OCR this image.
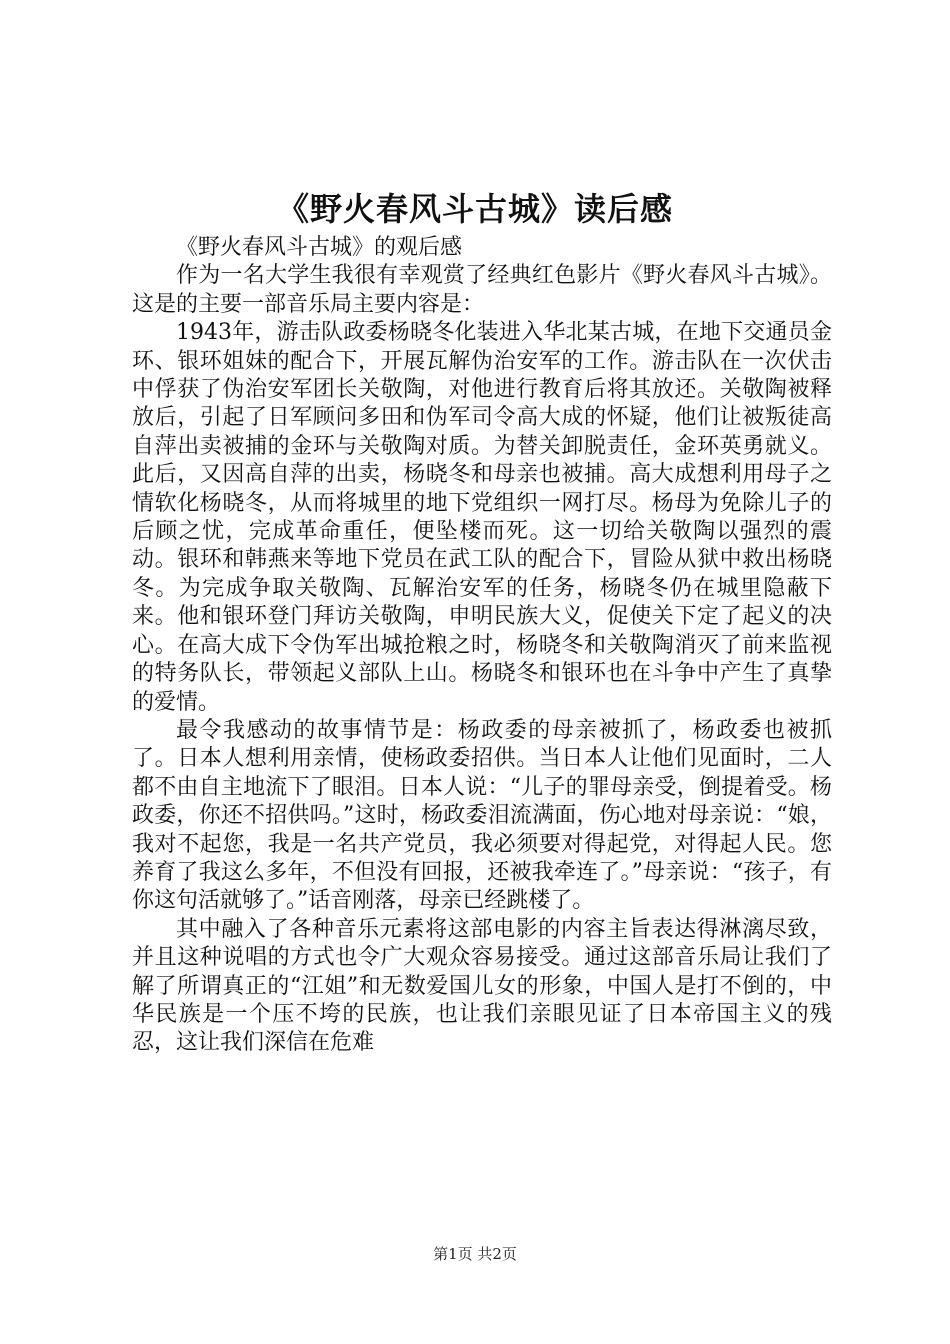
《野火春风斗古城》读后感

《野火春风斗古城》的观后感

作为一名大学生我很有幸观赏了经典红色影片《野火春风斗古城》。这是的主要一部音乐局主要内容是：

1943年，游击队政委杨晓冬化装进入华北某古城，在地下交通员金环、银环姐妹的配合下，开展瓦解伪治安军的工作。游击队在一次伏击中俘获了伪治安军团长关敬陶，对他进行教育后将其放还。关敬陶被释放后，引起了日军顾问多田和伪军司令高大成的怀疑，他们让被叛徒高自萍出卖被捕的金环与关敬陶对质。为替关卸脱责任，金环英勇就义。此后，又因高自萍的出卖，杨晓冬和母亲也被捕。高大成想利用母子之情软化杨晓冬，从而将城里的地下党组织一网打尽。杨母为免除儿子的后顾之忧，完成革命重任，便坠楼而死。这一切给关敬陶以强烈的震动。银环和韩燕来等地下党员在武工队的配合下，冒险从狱中救出杨晓冬。为完成争取关敬陶、瓦解治安军的任务，杨晓冬仍在城里隐蔽下来。他和银环登门拜访关敬陶，申明民族大义，促使关下定了起义的决心。在高大成下令伪军出城抢粮之时，杨晓冬和关敬陶消灭了前来监视的特务队长，带领起义部队上山。杨晓冬和银环也在斗争中产生了真挚的爱情。

最令我感动的故事情节是：杨政委的母亲被抓了，杨政委也被抓了。日本人想利用亲情，使杨政委招供。当日本人让他们见面时，二人都不由自主地流下了眼泪。日本人说：“儿子的罪母亲受，倒提着受。杨政委，你还不招供吗。”这时，杨政委泪流满面，伤心地对母亲说：“娘，我对不起您，我是一名共产党员，我必须要对得起党，对得起人民。您养育了我这么多年，不但没有回报，还被我牵连了。”母亲说：“孩子，有你这句活就够了。”话音刚落，母亲已经跳楼了。

其中融入了各种音乐元素将这部电影的内容主旨表达得淋漓尽致，并且这种说唱的方式也令广大观众容易接受。通过这部音乐局让我们了解了所谓真正的“江姐”和无数爱国儿女的形象，中国人是打不倒的，中华民族是一个压不垮的民族，也让我们亲眼见证了日本帝国主义的残忍，这让我们深信在危难

第1页 共2页
